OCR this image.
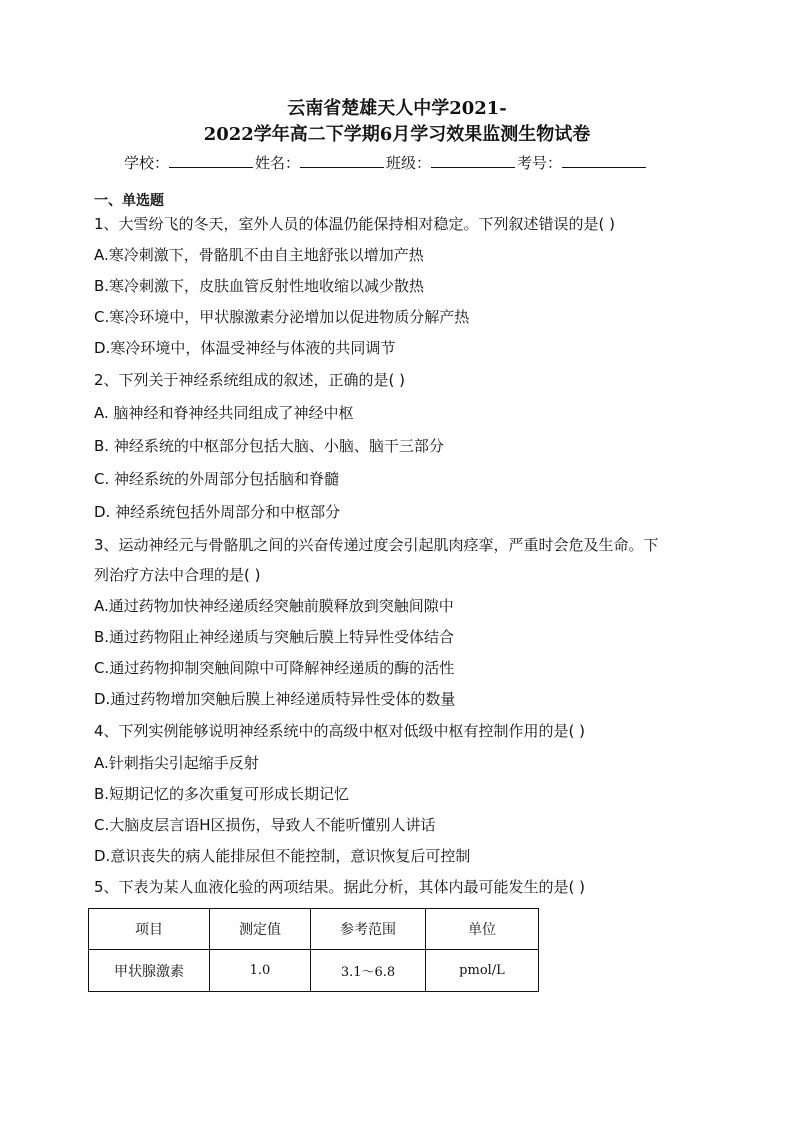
云南省楚雄天人中学2021-
2022学年高二下学期6月学习效果监测生物试卷
学校：	姓名：	班级：	考号：
一、单选题
1、大雪纷飞的冬天，室外人员的体温仍能保持相对稳定。下列叙述错误的是( )
A.寒冷刺激下，骨骼肌不由自主地舒张以增加产热
B.寒冷刺激下，皮肤血管反射性地收缩以减少散热
C.寒冷环境中，甲状腺激素分泌增加以促进物质分解产热
D.寒冷环境中，体温受神经与体液的共同调节
2、下列关于神经系统组成的叙述，正确的是( )
A. 脑神经和脊神经共同组成了神经中枢
B. 神经系统的中枢部分包括大脑、小脑、脑干三部分
C. 神经系统的外周部分包括脑和脊髓
D. 神经系统包括外周部分和中枢部分
3、运动神经元与骨骼肌之间的兴奋传递过度会引起肌肉痉挛，严重时会危及生命。下
列治疗方法中合理的是( )
A.通过药物加快神经递质经突触前膜释放到突触间隙中
B.通过药物阻止神经递质与突触后膜上特异性受体结合
C.通过药物抑制突触间隙中可降解神经递质的酶的活性
D.通过药物增加突触后膜上神经递质特异性受体的数量
4、下列实例能够说明神经系统中的高级中枢对低级中枢有控制作用的是( )
A.针刺指尖引起缩手反射
B.短期记忆的多次重复可形成长期记忆
C.大脑皮层言语H区损伤，导致人不能听懂别人讲话
D.意识丧失的病人能排尿但不能控制，意识恢复后可控制
5、下表为某人血液化验的两项结果。据此分析，其体内最可能发生的是( )
项目	测定值	参考范围	单位
甲状腺激素	1.0	3.1～6.8	pmol/L
